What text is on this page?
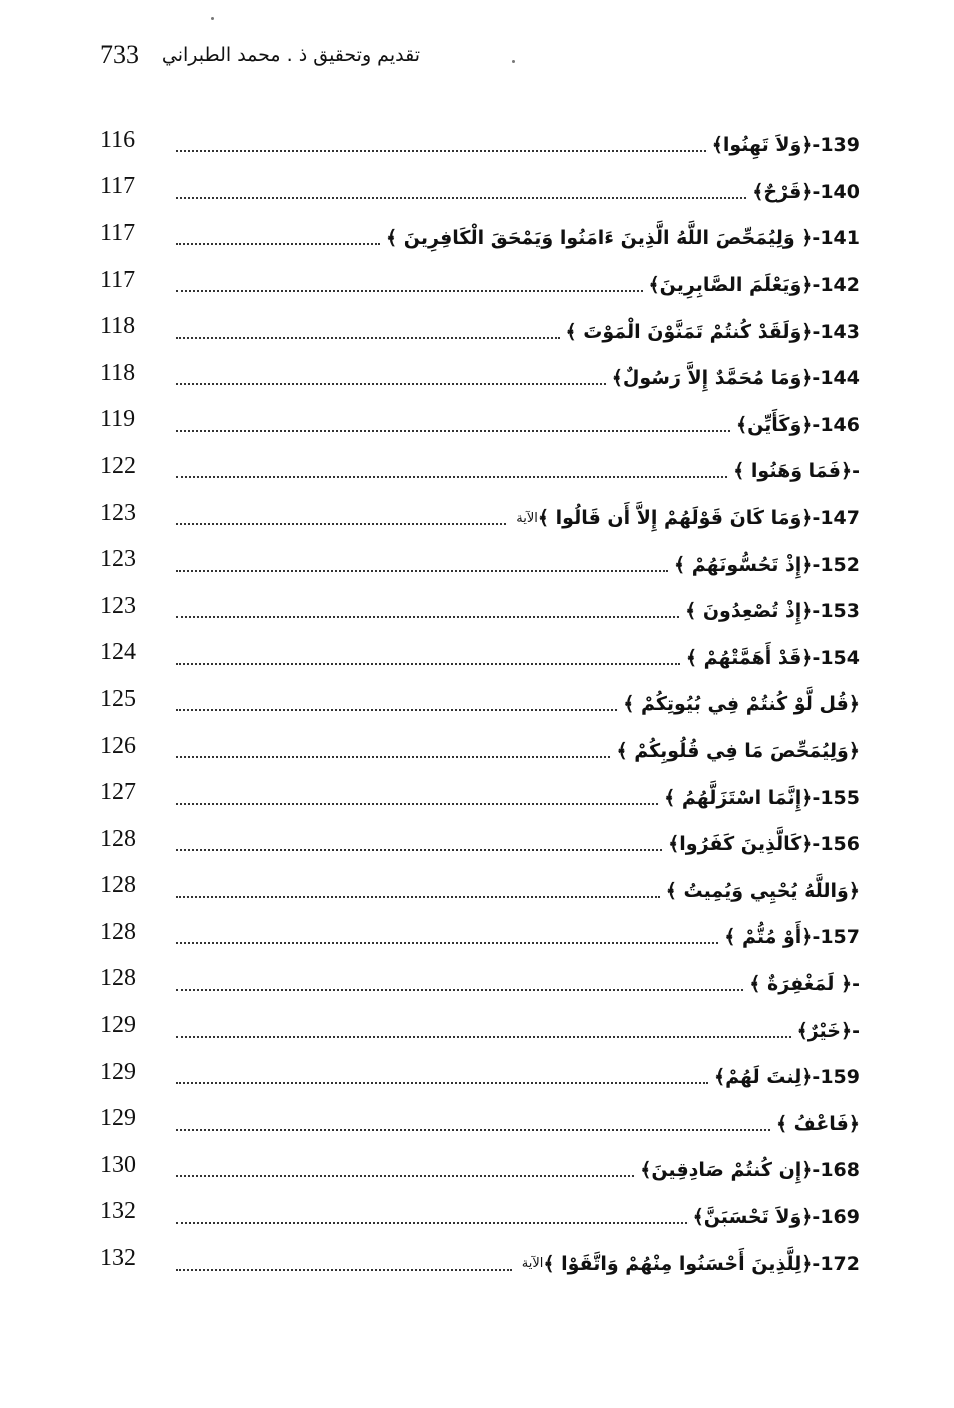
733 تقديم وتحقيق ذ . محمد الطبراني
116	139-﴿وَلاَ تَهِنُوا﴾
117	140-﴿قَرْحٌ﴾
117	141-﴿ وَلِيُمَحِّصَ اللَّهُ الَّذِينَ ءَامَنُوا وَيَمْحَقَ الْكَافِرِينَ ﴾
117	142-﴿وَيَعْلَمَ الصَّابِرِينَ﴾
118	143-﴿وَلَقَدْ كُنتُمْ تَمَنَّوْنَ الْمَوْتَ ﴾
118	144-﴿وَمَا مُحَمَّدٌ إِلاَّ رَسُولٌ﴾
119	146-﴿وَكَأَيِّن﴾
122	-﴿فَمَا وَهَنُوا ﴾
123	الآية 147-﴿وَمَا كَانَ قَوْلَهُمْ إِلاَّ أَن قَالُوا ﴾
123	152-﴿إِذْ تَحُسُّونَهُمْ ﴾
123	153-﴿إِذْ تُصْعِدُونَ ﴾
124	154-﴿قَدْ أَهَمَّتْهُمْ ﴾
125	﴿قُل لَّوْ كُنتُمْ فِي بُيُوتِكُمْ ﴾
126	﴿وَلِيُمَحِّصَ مَا فِي قُلُوبِكُمْ ﴾
127	155-﴿إِنَّمَا اسْتَزَلَّهُمُ ﴾
128	156-﴿كَالَّذِينَ كَفَرُوا﴾
128	﴿وَاللَّهُ يُحْيِي وَيُمِيتُ ﴾
128	157-﴿أَوْ مُتُّمْ ﴾
128	-﴿ لَمَغْفِرَةٌ ﴾
129	-﴿خَيْرٌ﴾
129	159-﴿لِنتَ لَهُمْ﴾
129	﴿فَاعْفُ ﴾
130	168-﴿إِن كُنتُمْ صَادِقِينَ﴾
132	169-﴿وَلاَ تَحْسَبَنَّ﴾
132	الآية 172-﴿لِلَّذِينَ أَحْسَنُوا مِنْهُمْ وَاتَّقَوْا ﴾
